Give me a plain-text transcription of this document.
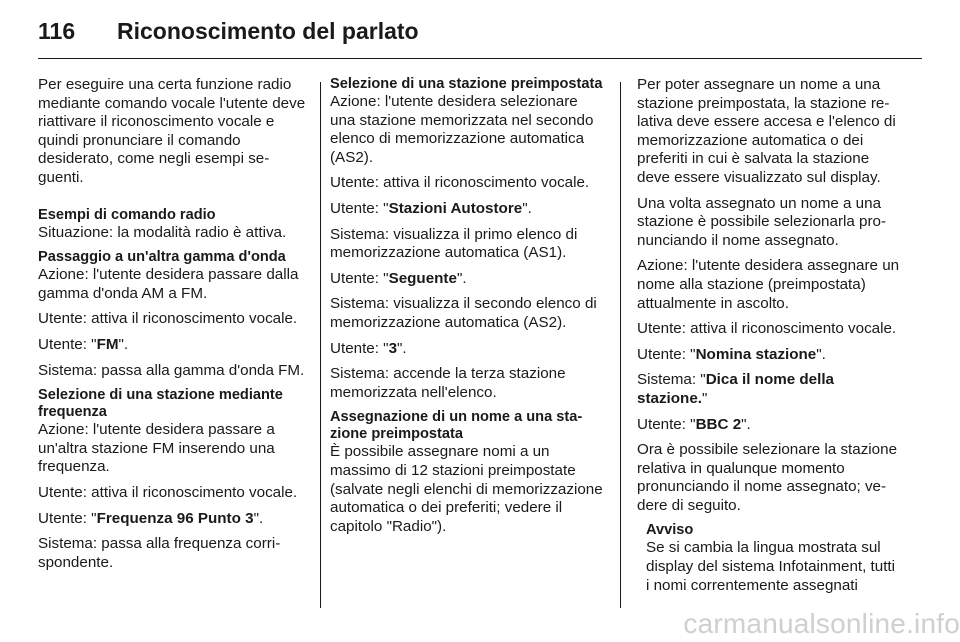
116 Riconoscimento del parlato

Per eseguire una certa funzione radio mediante comando vocale l'utente deve riattivare il riconoscimento vocale e quindi pronunciare il comando desiderato, come negli esempi seguenti.

Esempi di comando radio

Situazione: la modalità radio è attiva.

Passaggio a un'altra gamma d'onda

Azione: l'utente desidera passare dalla gamma d'onda AM a FM.

Utente: attiva il riconoscimento vocale.

Utente: "FM".

Sistema: passa alla gamma d'onda FM.

Selezione di una stazione mediante frequenza

Azione: l'utente desidera passare a un'altra stazione FM inserendo una frequenza.

Utente: attiva il riconoscimento vocale.

Utente: "Frequenza 96 Punto 3".

Sistema: passa alla frequenza corrispondente.

Selezione di una stazione preimpostata

Azione: l'utente desidera selezionare una stazione memorizzata nel secondo elenco di memorizzazione automatica (AS2).

Utente: attiva il riconoscimento vocale.

Utente: "Stazioni Autostore".

Sistema: visualizza il primo elenco di memorizzazione automatica (AS1).

Utente: "Seguente".

Sistema: visualizza il secondo elenco di memorizzazione automatica (AS2).

Utente: "3".

Sistema: accende la terza stazione memorizzata nell'elenco.

Assegnazione di un nome a una stazione preimpostata

È possibile assegnare nomi a un massimo di 12 stazioni preimpostate (salvate negli elenchi di memorizzazione automatica o dei preferiti; vedere il capitolo "Radio").

Per poter assegnare un nome a una stazione preimpostata, la stazione relativa deve essere accesa e l'elenco di memorizzazione automatica o dei preferiti in cui è salvata la stazione deve essere visualizzato sul display.

Una volta assegnato un nome a una stazione è possibile selezionarla pronunciando il nome assegnato.

Azione: l'utente desidera assegnare un nome alla stazione (preimpostata) attualmente in ascolto.

Utente: attiva il riconoscimento vocale.

Utente: "Nomina stazione".

Sistema: "Dica il nome della stazione."

Utente: "BBC 2".

Ora è possibile selezionare la stazione relativa in qualunque momento pronunciando il nome assegnato; vedere di seguito.

Avviso

Se si cambia la lingua mostrata sul display del sistema Infotainment, tutti i nomi correntemente assegnati

carmanualsonline.info
